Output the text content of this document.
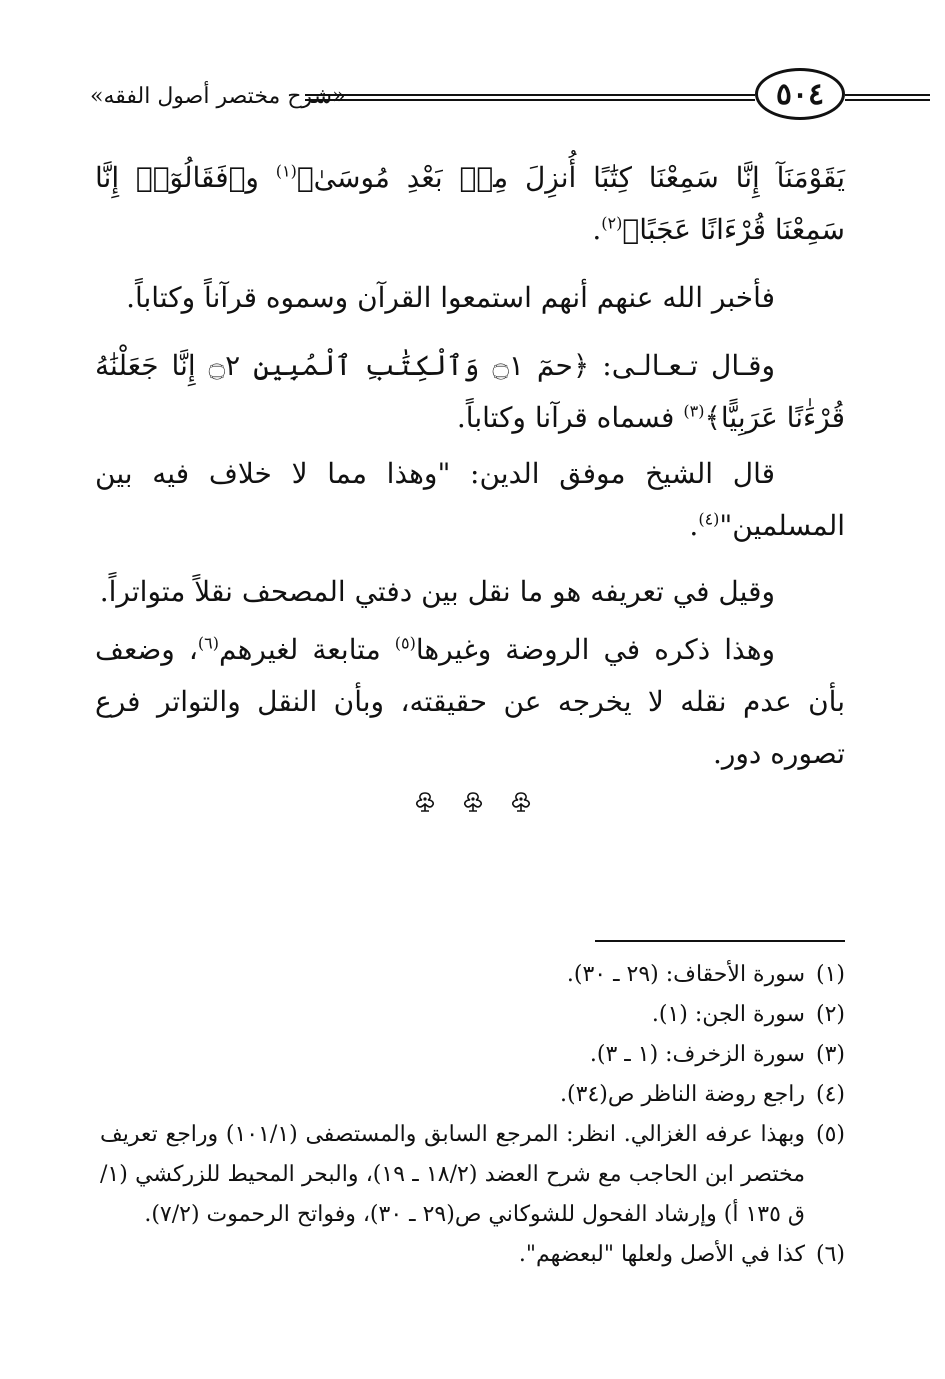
«شرح مختصر أصول الفقه»	٥٠٤
يَقَوْمَنَآ إِنَّا سَمِعْنَا كِتَٰبًا أُنزِلَ مِنۢ بَعْدِ مُوسَىٰ﴾$^{(١)}$ و﴿فَقَالُوٓا۟ إِنَّا سَمِعْنَا قُرْءَانًا عَجَبًا﴾$^{(٢)}$.
فأخبر الله عنهم أنهم استمعوا القرآن وسموه قرآناً وكتاباً.
وقـال تـعـالـى: ﴿حمٓ ۝١ وَٱلْكِتَٰبِ ٱلْمُبِينِ ۝٢ إِنَّا جَعَلْنَٰهُ قُرْءَٰنًا عَرَبِيًّا﴾$^{(٣)}$ فسماه قرآنا وكتاباً.
قال الشيخ موفق الدين: "وهذا مما لا خلاف فيه بين المسلمين"$^{(٤)}$.
وقيل في تعريفه هو ما نقل بين دفتي المصحف نقلاً متواتراً.
وهذا ذكره في الروضة وغيرها$^{(٥)}$ متابعة لغيرهم$^{(٦)}$، وضعف بأن عدم نقله لا يخرجه عن حقيقته، وبأن النقل والتواتر فرع تصوره دور.
(١)
سورة الأحقاف: (٢٩ ـ ٣٠).
(٢)
سورة الجن: (١).
(٣)
سورة الزخرف: (١ ـ ٣).
(٤)
راجع روضة الناظر ص(٣٤).
(٥)
وبهذا عرفه الغزالي. انظر: المرجع السابق والمستصفى (١٠١/١) وراجع تعريف مختصر ابن الحاجب مع شرح العضد (١٨/٢ ـ ١٩)، والبحر المحيط للزركشي (١/ق ١٣٥ أ) وإرشاد الفحول للشوكاني ص(٢٩ ـ ٣٠)، وفواتح الرحموت (٧/٢).
(٦)
كذا في الأصل ولعلها "لبعضهم".
